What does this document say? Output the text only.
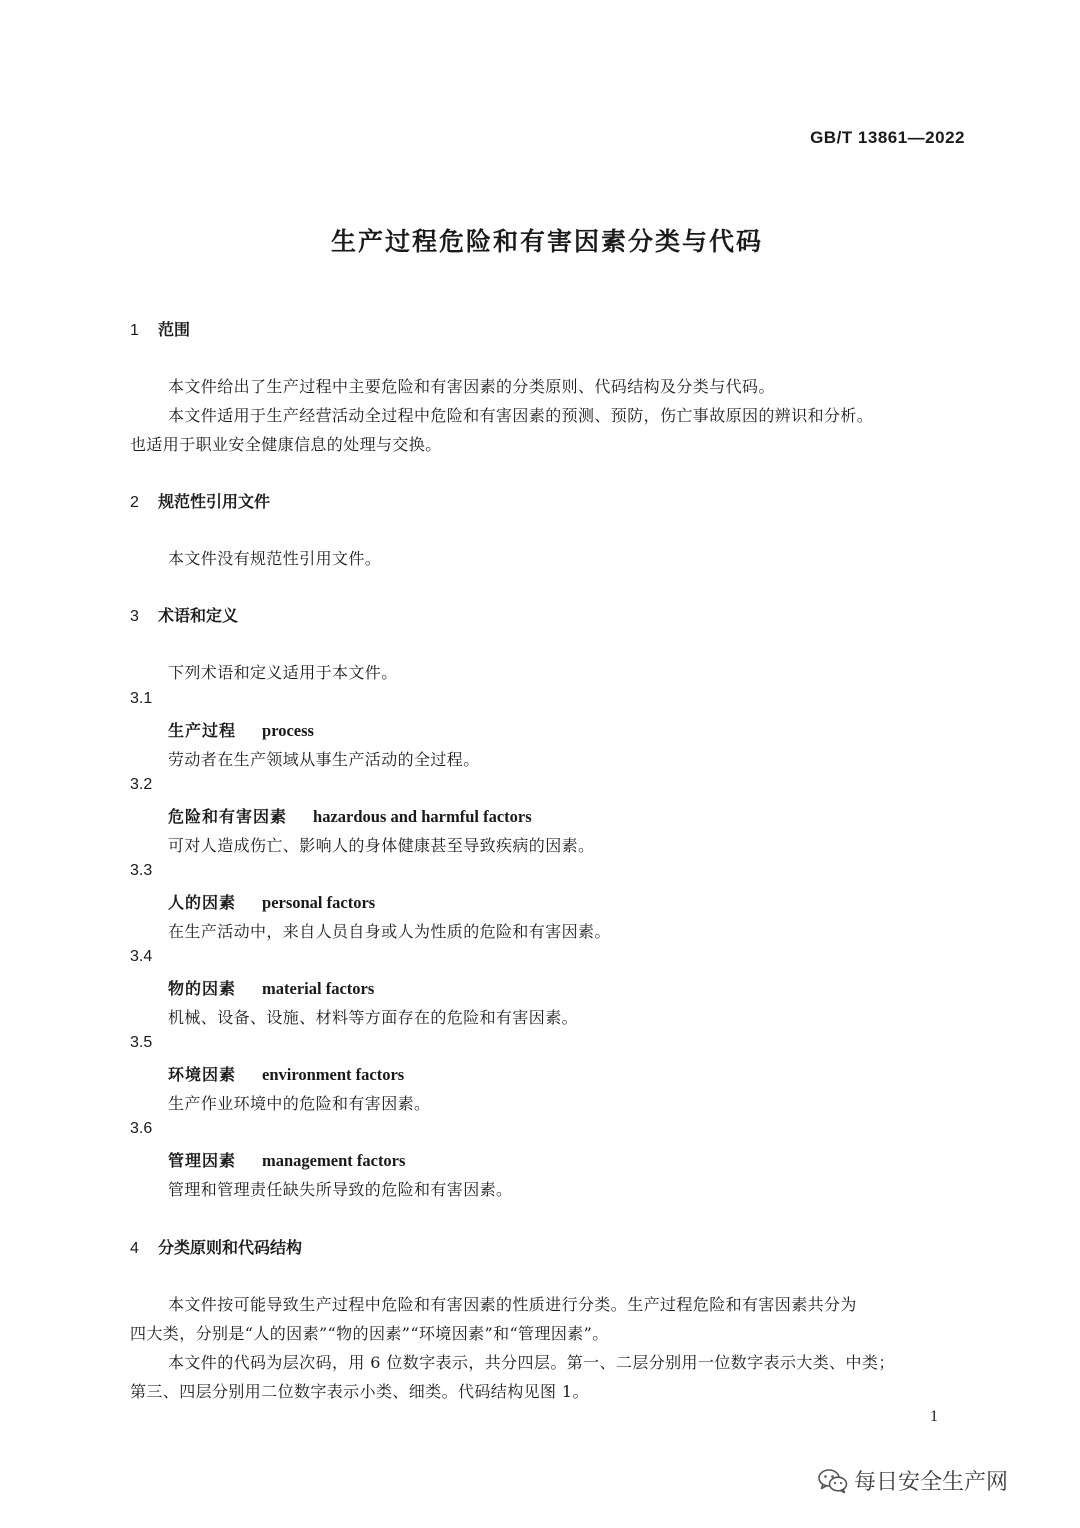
GB/T 13861—2022
生产过程危险和有害因素分类与代码
1 范围
本文件给出了生产过程中主要危险和有害因素的分类原则、代码结构及分类与代码。
本文件适用于生产经营活动全过程中危险和有害因素的预测、预防，伤亡事故原因的辨识和分析。
也适用于职业安全健康信息的处理与交换。
2 规范性引用文件
本文件没有规范性引用文件。
3 术语和定义
下列术语和定义适用于本文件。
3.1
生产过程 process
劳动者在生产领域从事生产活动的全过程。
3.2
危险和有害因素 hazardous and harmful factors
可对人造成伤亡、影响人的身体健康甚至导致疾病的因素。
3.3
人的因素 personal factors
在生产活动中，来自人员自身或人为性质的危险和有害因素。
3.4
物的因素 material factors
机械、设备、设施、材料等方面存在的危险和有害因素。
3.5
环境因素 environment factors
生产作业环境中的危险和有害因素。
3.6
管理因素 management factors
管理和管理责任缺失所导致的危险和有害因素。
4 分类原则和代码结构
本文件按可能导致生产过程中危险和有害因素的性质进行分类。生产过程危险和有害因素共分为
四大类，分别是“人的因素”“物的因素”“环境因素”和“管理因素”。
本文件的代码为层次码，用 6 位数字表示，共分四层。第一、二层分别用一位数字表示大类、中类；
第三、四层分别用二位数字表示小类、细类。代码结构见图 1。
1
每日安全生产网
